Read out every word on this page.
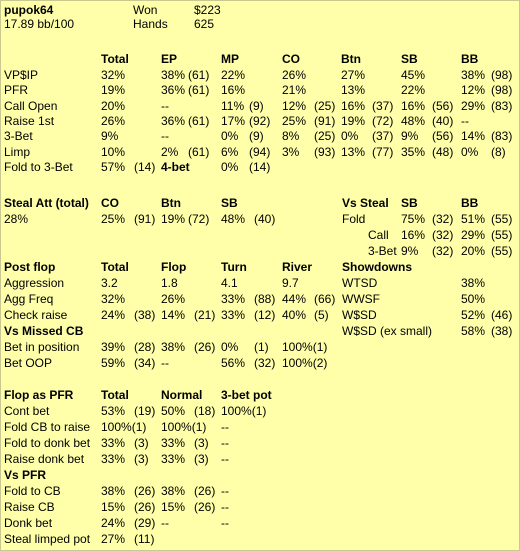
pupok64
17.89 bb/100
Won	$223
Hands 625
Total	EP	MP	CO	Btn	SB	BB
VP$IP	32%	38% (61) 22%	26%	27%	45%	38% (98)
PFR	19%	36% (61) 16%	21%	13%	22%	12% (98)
Call Open	20%	--	11% (9) 12% (25) 16% (37) 16% (56) 29% (83)
Raise 1st	26%	36% (61) 17% (92) 25% (91) 19% (72) 48% (40) --
3-Bet	9%	--	0% (9) 8% (25) 0% (37) 9% (56) 14% (83)
Limp	10%	2% (61) 6% (94) 3% (93) 13% (77) 35% (48) 0% (8)
Fold to 3-Bet 57% (14) 4-bet	0% (14)
Steal Att (total)
28%
CO	Btn	SB
25% (91) 19% (72) 48% (40)
Vs Steal SB	BB
Fold	75% (32) 51% (55)
Call 16% (32) 29% (55)
3-Bet 9% (32) 20% (55)
Post flop	Total	Flop	Turn	River
Aggression	3.2	1.8	4.1	9.7
Agg Freq	32%	26%	33% (88) 44% (66)
Check raise	24% (38) 14% (21) 33% (12) 40% (5)
Vs Missed CB
Bet in position 39% (28) 38% (26) 0% (1) 100%(1)
Bet OOP	59% (34) --	56% (32) 100%(2)
Showdowns
WTSD	38%
WWSF	50%
W$SD	52% (46)
W$SD (ex small) 58% (38)
Flop as PFR Total	Normal 3-bet pot
Cont bet	53% (19) 50% (18) 100%(1)
Fold CB to raise 100%(1) 100%(1) --
Fold to donk bet 33% (3) 33% (3) --
Raise donk bet 33% (3) 33% (3) --
Vs PFR
Fold to CB	38% (26) 38% (26) --
Raise CB	15% (26) 15% (26) --
Donk bet	24% (29) --	--
Steal limped pot 27% (11)
